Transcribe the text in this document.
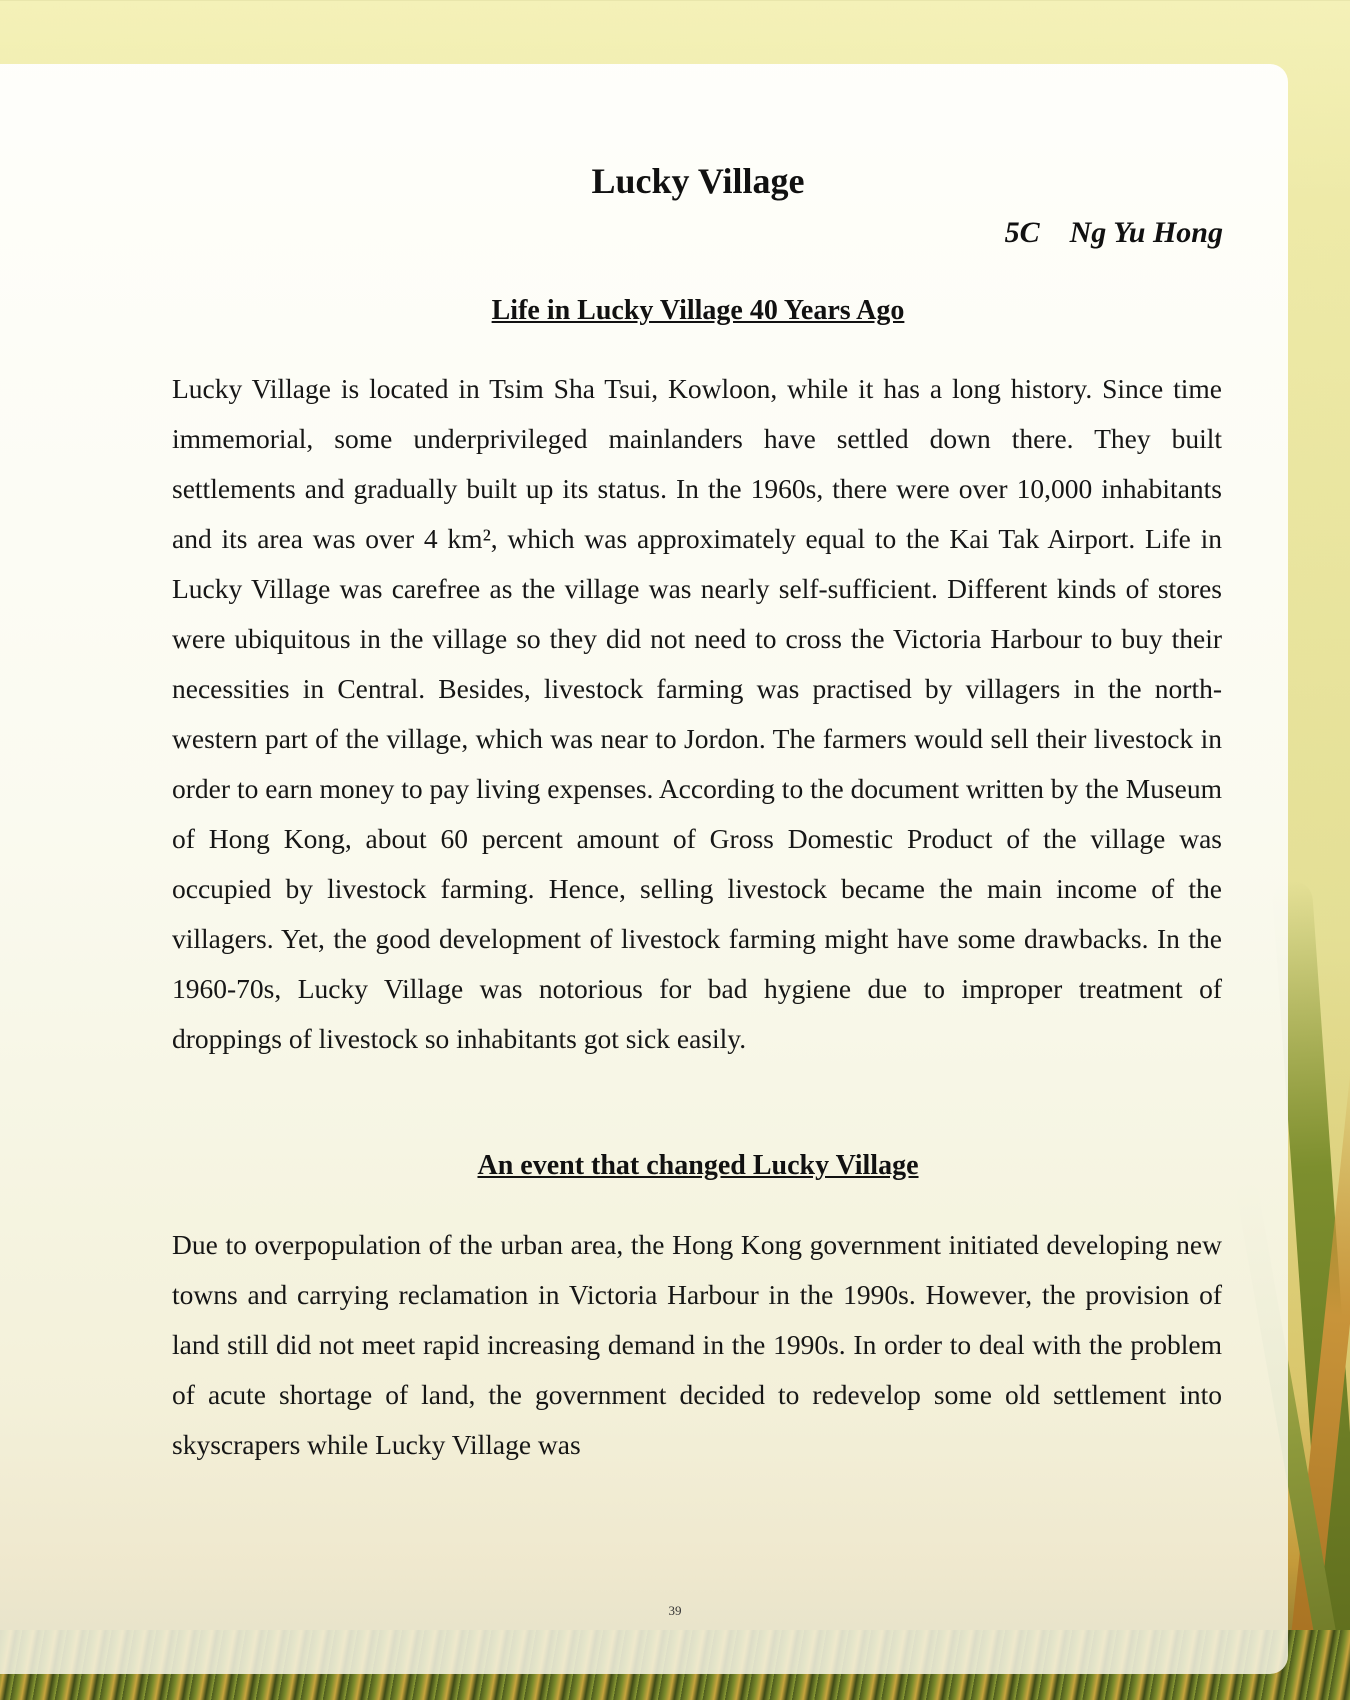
Lucky Village

5C Ng Yu Hong

Life in Lucky Village 40 Years Ago

Lucky Village is located in Tsim Sha Tsui, Kowloon, while it has a long history. Since time immemorial, some underprivileged mainlanders have settled down there. They built settlements and gradually built up its status. In the 1960s, there were over 10,000 inhabitants and its area was over 4 km², which was approximately equal to the Kai Tak Airport. Life in Lucky Village was carefree as the village was nearly self-sufficient. Different kinds of stores were ubiquitous in the village so they did not need to cross the Victoria Harbour to buy their necessities in Central. Besides, livestock farming was practised by villagers in the north-western part of the village, which was near to Jordon. The farmers would sell their livestock in order to earn money to pay living expenses. According to the document written by the Museum of Hong Kong, about 60 percent amount of Gross Domestic Product of the village was occupied by livestock farming. Hence, selling livestock became the main income of the villagers. Yet, the good development of livestock farming might have some drawbacks. In the 1960-70s, Lucky Village was notorious for bad hygiene due to improper treatment of droppings of livestock so inhabitants got sick easily.

An event that changed Lucky Village

Due to overpopulation of the urban area, the Hong Kong government initiated developing new towns and carrying reclamation in Victoria Harbour in the 1990s. However, the provision of land still did not meet rapid increasing demand in the 1990s. In order to deal with the problem of acute shortage of land, the government decided to redevelop some old settlement into skyscrapers while Lucky Village was

39
